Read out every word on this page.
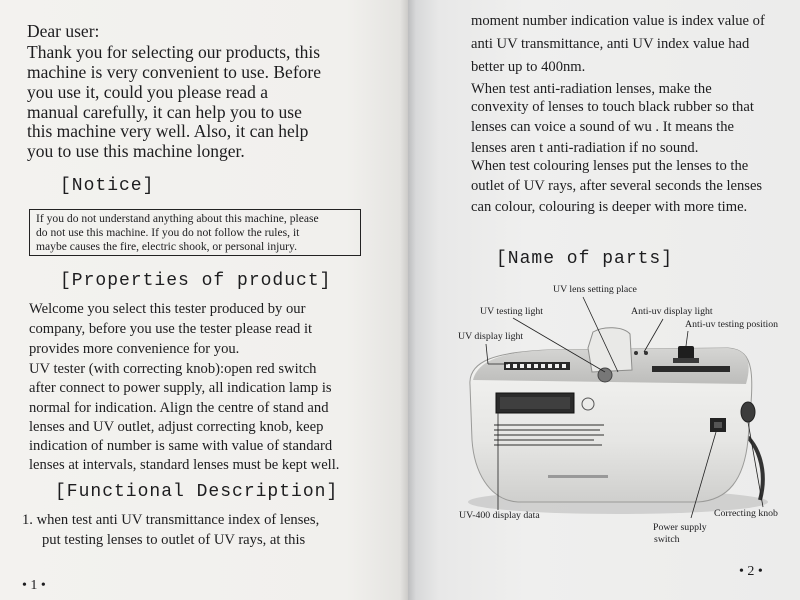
Dear user:
Thank you for selecting our products, this
machine is very convenient to use. Before
you use it, could you please read a
manual carefully, it can help you to use
this machine very well. Also, it can help
you to use this machine longer.
[Notice]
If you do not understand anything about this machine, please
do not use this machine. If you do not follow the rules, it
maybe causes the fire, electric shook, or personal injury.
[Properties of product]
Welcome you select this tester produced by our
company, before you use the tester please read it
provides more convenience for you.
UV tester (with correcting knob):open red switch
after connect to power supply, all indication lamp is
normal for indication. Align the centre of stand and
lenses and UV outlet, adjust correcting knob, keep
indication of number is same with value of standard
lenses at intervals, standard lenses must be kept well.
[Functional Description]
1. when test anti UV transmittance index of lenses,
put testing lenses to outlet of UV rays, at this
• 1 •
moment number indication value is index value of
anti UV transmittance, anti UV index value had
better up to 400nm.
When test anti-radiation lenses, make the
convexity of lenses to touch black rubber so that
lenses can voice a sound of wu . It means the
lenses aren t anti-radiation if no sound.
When test colouring lenses put the lenses to the
outlet of UV rays, after several seconds the lenses
can colour, colouring is deeper with more time.
[Name of parts]
UV lens setting place
UV testing light	Anti-uv display light
Anti-uv testing position
UV display light
UV-400 display data
Power supply
switch
Correcting knob
• 2 •
